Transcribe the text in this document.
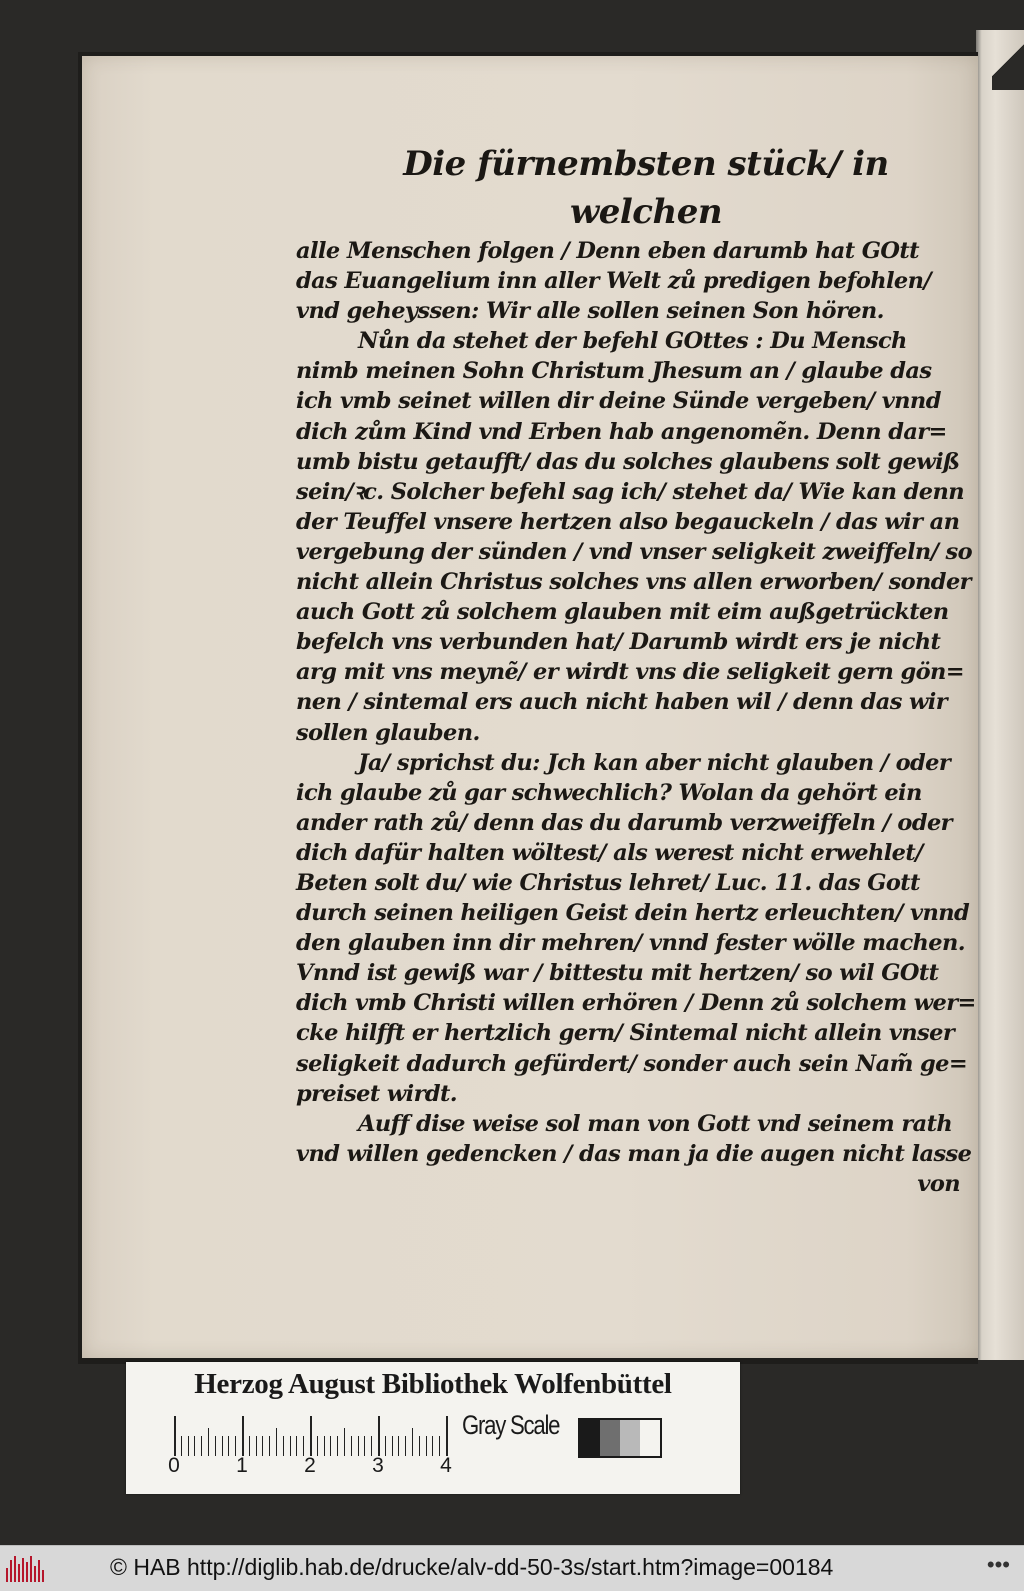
Die fürnembsten stück/ in welchen
alle Menschen folgen / Denn eben darumb hat GOtt
das Euangelium inn aller Welt zů predigen befohlen/
vnd geheyssen: Wir alle sollen seinen Son hören.
Nůn da stehet der befehl GOttes : Du Mensch
nimb meinen Sohn Christum Jhesum an / glaube das
ich vmb seinet willen dir deine Sünde vergeben/ vnnd
dich zům Kind vnd Erben hab angenomẽn. Denn dar=
umb bistu getaufft/ das du solches glaubens solt gewiß
sein/ꝛc. Solcher befehl sag ich/ stehet da/ Wie kan denn
der Teuffel vnsere hertzen also begauckeln / das wir an
vergebung der sünden / vnd vnser seligkeit zweiffeln/ so
nicht allein Christus solches vns allen erworben/ sonder
auch Gott zů solchem glauben mit eim außgetrückten
befelch vns verbunden hat/ Darumb wirdt ers je nicht
arg mit vns meynẽ/ er wirdt vns die seligkeit gern gön=
nen / sintemal ers auch nicht haben wil / denn das wir
sollen glauben.
Ja/ sprichst du: Jch kan aber nicht glauben / oder
ich glaube zů gar schwechlich? Wolan da gehört ein
ander rath zů/ denn das du darumb verzweiffeln / oder
dich dafür halten wöltest/ als werest nicht erwehlet/
Beten solt du/ wie Christus lehret/ Luc. 11. das Gott
durch seinen heiligen Geist dein hertz erleuchten/ vnnd
den glauben inn dir mehren/ vnnd fester wölle machen.
Vnnd ist gewiß war / bittestu mit hertzen/ so wil GOtt
dich vmb Christi willen erhören / Denn zů solchem wer=
cke hilfft er hertzlich gern/ Sintemal nicht allein vnser
seligkeit dadurch gefürdert/ sonder auch sein Nam̃ ge=
preiset wirdt.
Auff dise weise sol man von Gott vnd seinem rath
vnd willen gedencken / das man ja die augen nicht lasse
von
Herzog August Bibliothek Wolfenbüttel
0	1	2	3	4
Gray Scale
© HAB http://diglib.hab.de/drucke/alv-dd-50-3s/start.htm?image=00184	•••
